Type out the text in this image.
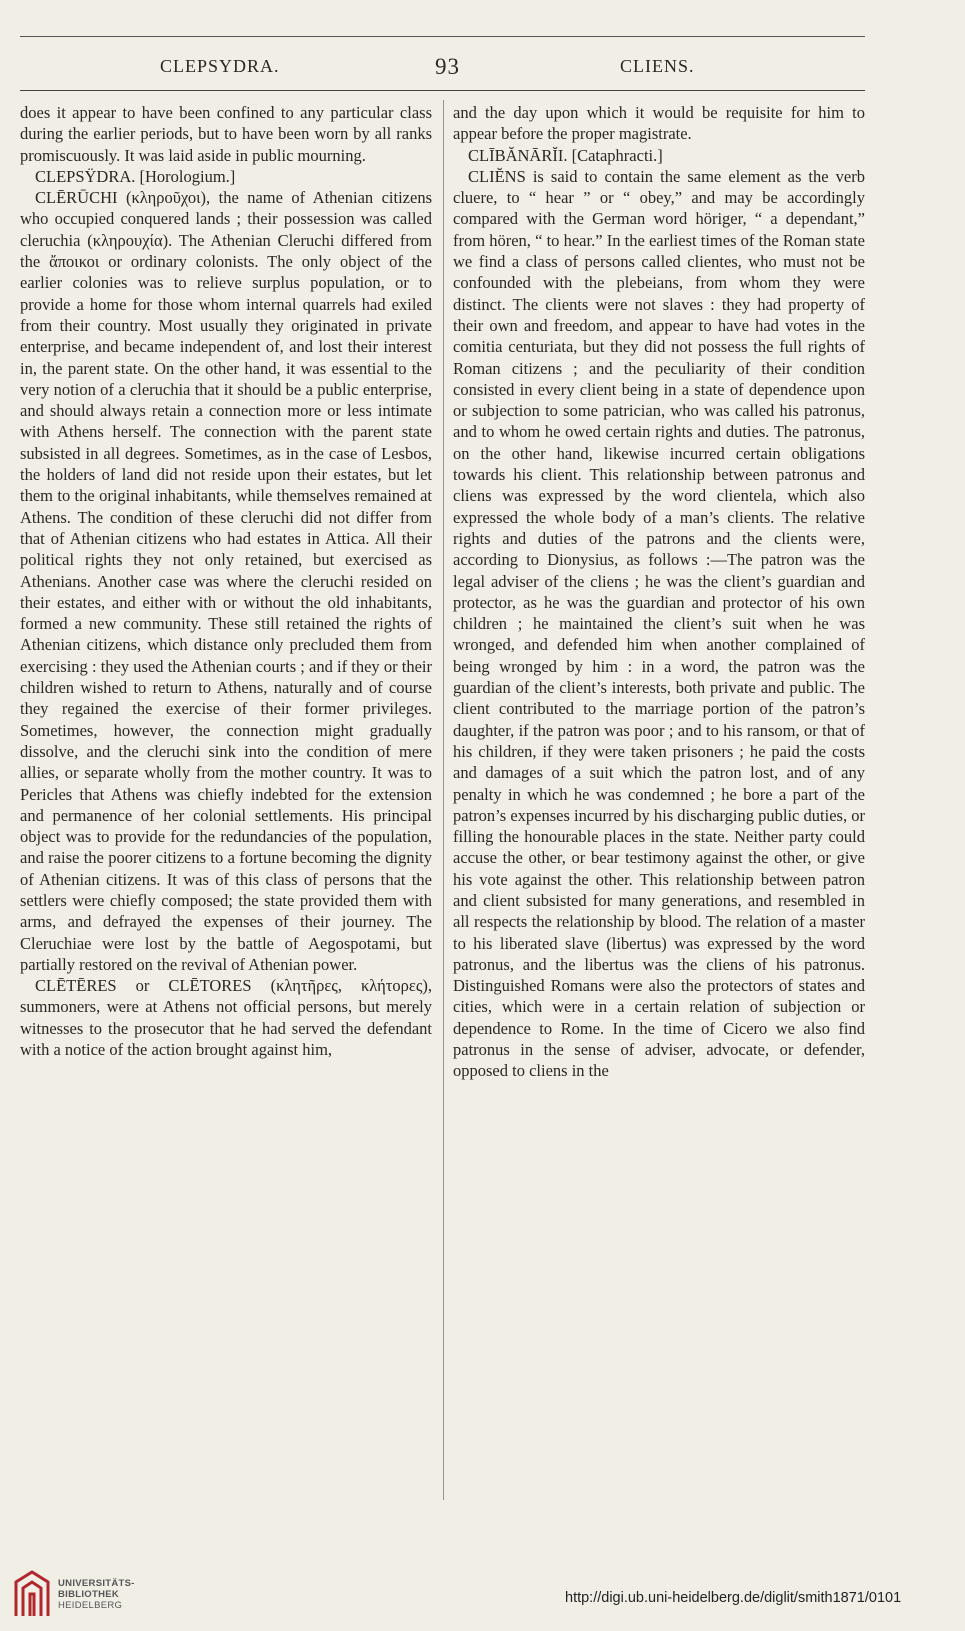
CLEPSYDRA.	93	CLIENS.

does it appear to have been confined to any particular class during the earlier periods, but to have been worn by all ranks promiscuously. It was laid aside in public mourning.

CLEPSŸDRA. [Horologium.]

CLĒRŪCHI (κληροῦχοι), the name of Athenian citizens who occupied conquered lands ; their possession was called cleruchia (κληρουχία). The Athenian Cleruchi differed from the ἄποικοι or ordinary colonists. The only object of the earlier colonies was to relieve surplus population, or to provide a home for those whom internal quarrels had exiled from their country. Most usually they originated in private enterprise, and became independent of, and lost their interest in, the parent state. On the other hand, it was essential to the very notion of a cleruchia that it should be a public enterprise, and should always retain a connection more or less intimate with Athens herself. The connection with the parent state subsisted in all degrees. Sometimes, as in the case of Lesbos, the holders of land did not reside upon their estates, but let them to the original inhabitants, while themselves remained at Athens. The condition of these cleruchi did not differ from that of Athenian citizens who had estates in Attica. All their political rights they not only retained, but exercised as Athenians. Another case was where the cleruchi resided on their estates, and either with or without the old inhabitants, formed a new community. These still retained the rights of Athenian citizens, which distance only precluded them from exercising : they used the Athenian courts ; and if they or their children wished to return to Athens, naturally and of course they regained the exercise of their former privileges. Sometimes, however, the connection might gradually dissolve, and the cleruchi sink into the condition of mere allies, or separate wholly from the mother country. It was to Pericles that Athens was chiefly indebted for the extension and permanence of her colonial settlements. His principal object was to provide for the redundancies of the population, and raise the poorer citizens to a fortune becoming the dignity of Athenian citizens. It was of this class of persons that the settlers were chiefly composed; the state provided them with arms, and defrayed the expenses of their journey. The Cleruchiae were lost by the battle of Aegospotami, but partially restored on the revival of Athenian power.

CLĒTĒRES or CLĒTORES (κλητῆρες, κλήτορες), summoners, were at Athens not official persons, but merely witnesses to the prosecutor that he had served the defendant with a notice of the action brought against him,

and the day upon which it would be requisite for him to appear before the proper magistrate.

CLĪBĂNĀRĬI. [Cataphracti.]

CLIĔNS is said to contain the same element as the verb cluere, to “ hear ” or “ obey,” and may be accordingly compared with the German word höriger, “ a dependant,” from hören, “ to hear.” In the earliest times of the Roman state we find a class of persons called clientes, who must not be confounded with the plebeians, from whom they were distinct. The clients were not slaves : they had property of their own and freedom, and appear to have had votes in the comitia centuriata, but they did not possess the full rights of Roman citizens ; and the peculiarity of their condition consisted in every client being in a state of dependence upon or subjection to some patrician, who was called his patronus, and to whom he owed certain rights and duties. The patronus, on the other hand, likewise incurred certain obligations towards his client. This relationship between patronus and cliens was expressed by the word clientela, which also expressed the whole body of a man’s clients. The relative rights and duties of the patrons and the clients were, according to Dionysius, as follows :—The patron was the legal adviser of the cliens ; he was the client’s guardian and protector, as he was the guardian and protector of his own children ; he maintained the client’s suit when he was wronged, and defended him when another complained of being wronged by him : in a word, the patron was the guardian of the client’s interests, both private and public. The client contributed to the marriage portion of the patron’s daughter, if the patron was poor ; and to his ransom, or that of his children, if they were taken prisoners ; he paid the costs and damages of a suit which the patron lost, and of any penalty in which he was condemned ; he bore a part of the patron’s expenses incurred by his discharging public duties, or filling the honourable places in the state. Neither party could accuse the other, or bear testimony against the other, or give his vote against the other. This relationship between patron and client subsisted for many generations, and resembled in all respects the relationship by blood. The relation of a master to his liberated slave (libertus) was expressed by the word patronus, and the libertus was the cliens of his patronus. Distinguished Romans were also the protectors of states and cities, which were in a certain relation of subjection or dependence to Rome. In the time of Cicero we also find patronus in the sense of adviser, advocate, or defender, opposed to cliens in the

UNIVERSITÄTS-
BIBLIOTHEK
HEIDELBERG	http://digi.ub.uni-heidelberg.de/diglit/smith1871/0101
